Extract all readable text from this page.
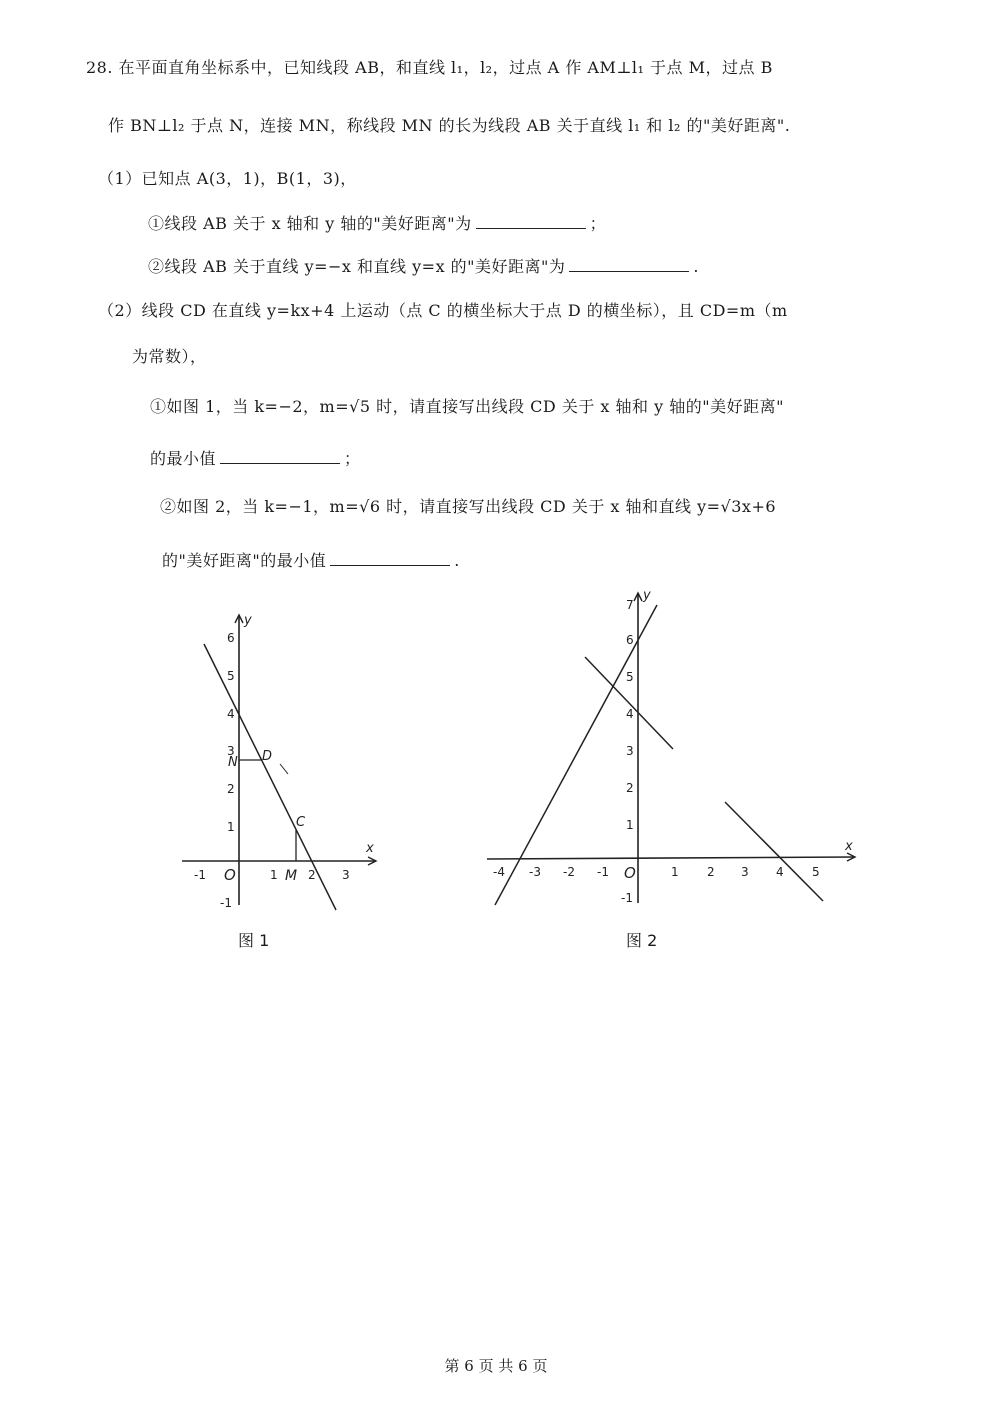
28. 在平面直角坐标系中，已知线段 AB，和直线 l₁，l₂，过点 A 作 AM⊥l₁ 于点 M，过点 B
作 BN⊥l₂ 于点 N，连接 MN，称线段 MN 的长为线段 AB 关于直线 l₁ 和 l₂ 的"美好距离".
（1）已知点 A(3，1)，B(1，3)，
①线段 AB 关于 x 轴和 y 轴的"美好距离"为	；
②线段 AB 关于直线 y=−x 和直线 y=x 的"美好距离"为	.
（2）线段 CD 在直线 y=kx+4 上运动（点 C 的横坐标大于点 D 的横坐标），且 CD=m（m
为常数），
①如图 1，当 k=−2，m=√5 时，请直接写出线段 CD 关于 x 轴和 y 轴的"美好距离"
的最小值	；
②如图 2，当 k=−1，m=√6 时，请直接写出线段 CD 关于 x 轴和直线 y=√3x+6
的"美好距离"的最小值	.
x
y
O
-1	1	2 3
-1
1
2
3
4
5
6
N
M
D
C
图 1
x
y
O
-4 -3 -2 -1	1 2 3 4 5
-1
1
2
3
4
5
6
7
图 2
第 6 页 共 6 页
